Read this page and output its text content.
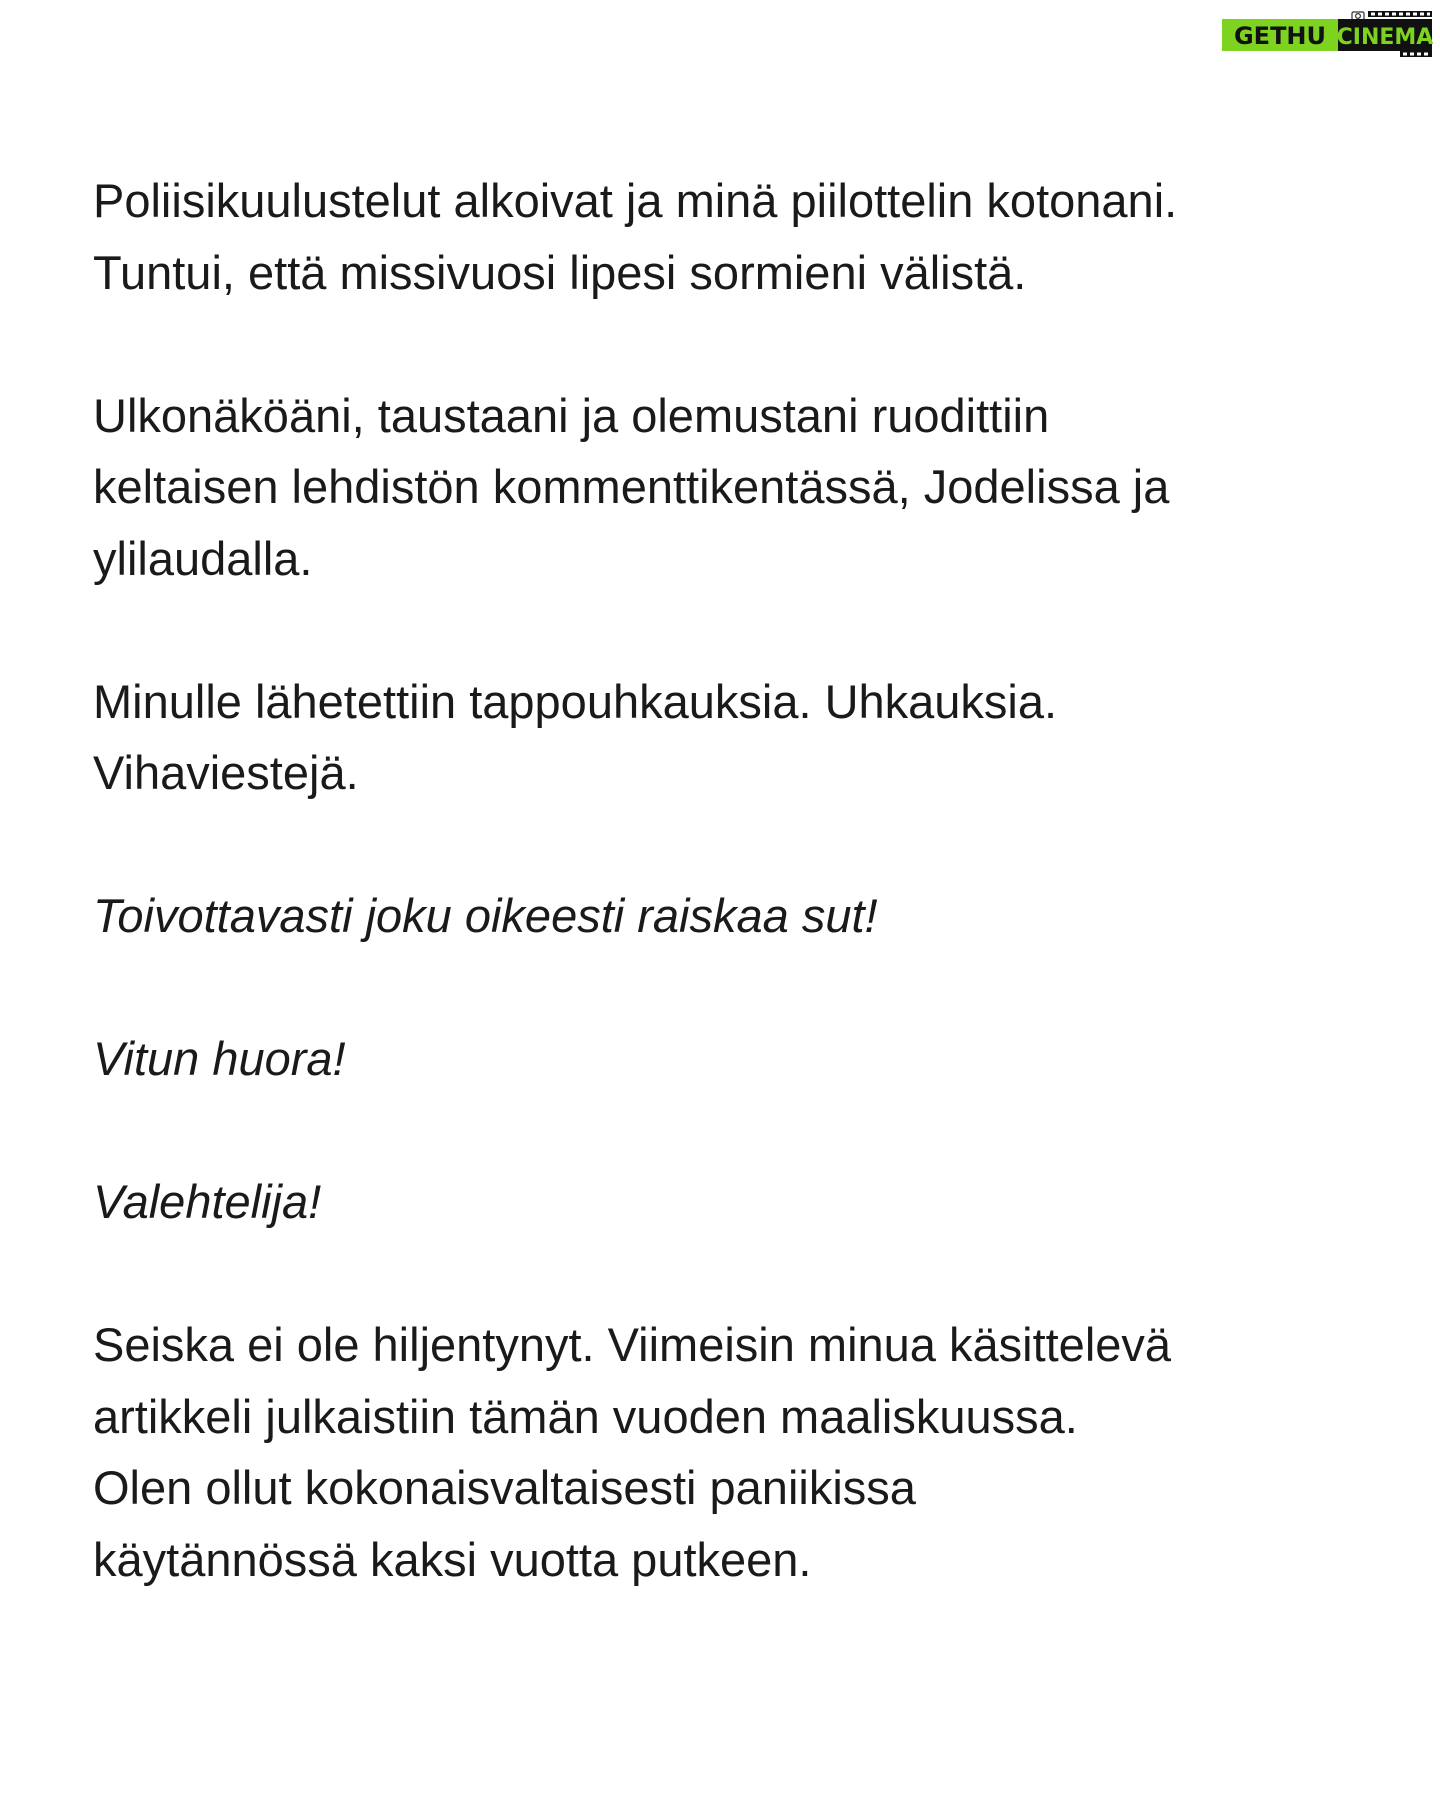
GETHU CINEMA

Poliisikuulustelut alkoivat ja minä piilottelin kotonani.
Tuntui, että missivuosi lipesi sormieni välistä.

Ulkonäköäni, taustaani ja olemustani ruodittiin
keltaisen lehdistön kommenttikentässä, Jodelissa ja
ylilaudalla.

Minulle lähetettiin tappouhkauksia. Uhkauksia.
Vihaviestejä.

Toivottavasti joku oikeesti raiskaa sut!

Vitun huora!

Valehtelija!

Seiska ei ole hiljentynyt. Viimeisin minua käsittelevä
artikkeli julkaistiin tämän vuoden maaliskuussa.
Olen ollut kokonaisvaltaisesti paniikissa
käytännössä kaksi vuotta putkeen.
